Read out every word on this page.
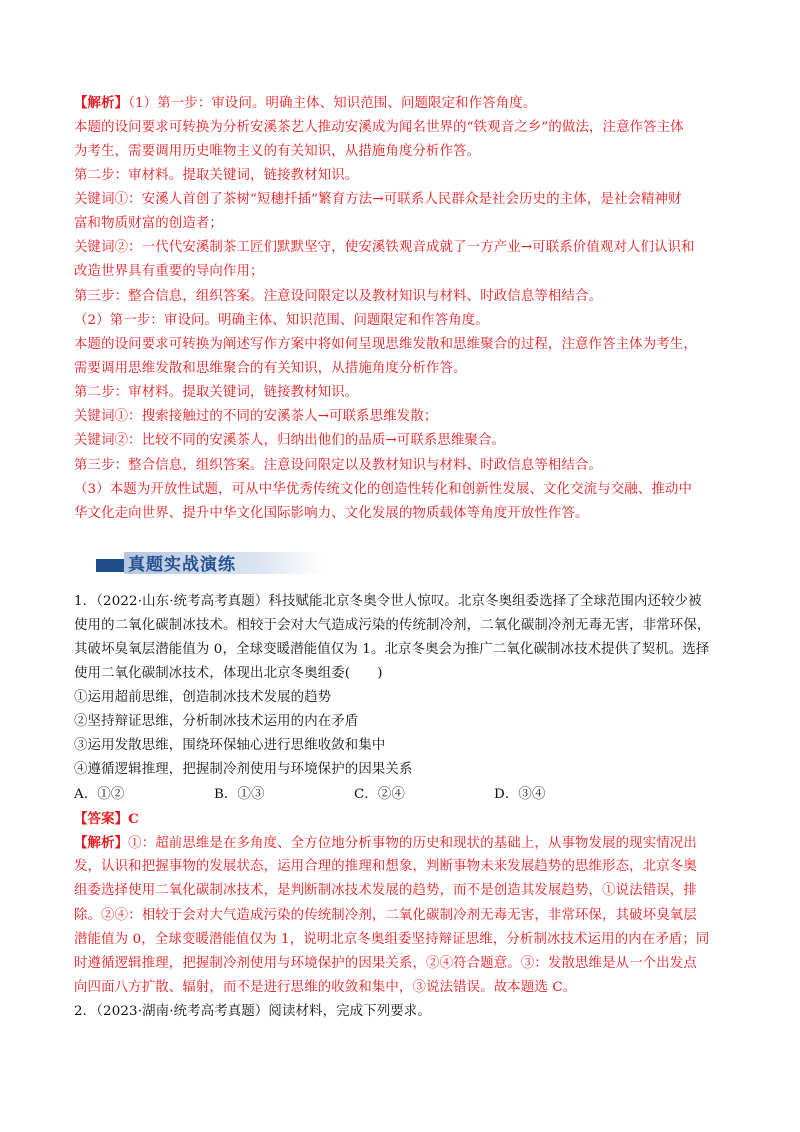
【解析】（1）第一步：审设问。明确主体、知识范围、问题限定和作答角度。
本题的设问要求可转换为分析安溪茶艺人推动安溪成为闻名世界的“铁观音之乡”的做法，注意作答主体
为考生，需要调用历史唯物主义的有关知识，从措施角度分析作答。
第二步：审材料。提取关键词，链接教材知识。
关键词①：安溪人首创了茶树“短穗扦插”繁育方法→可联系人民群众是社会历史的主体，是社会精神财
富和物质财富的创造者；
关键词②：一代代安溪制茶工匠们默默坚守，使安溪铁观音成就了一方产业→可联系价值观对人们认识和
改造世界具有重要的导向作用；
第三步：整合信息，组织答案。注意设问限定以及教材知识与材料、时政信息等相结合。
（2）第一步：审设问。明确主体、知识范围、问题限定和作答角度。
本题的设问要求可转换为阐述写作方案中将如何呈现思维发散和思维聚合的过程，注意作答主体为考生，
需要调用思维发散和思维聚合的有关知识，从措施角度分析作答。
第二步：审材料。提取关键词，链接教材知识。
关键词①：搜索接触过的不同的安溪茶人→可联系思维发散；
关键词②：比较不同的安溪茶人，归纳出他们的品质→可联系思维聚合。
第三步：整合信息，组织答案。注意设问限定以及教材知识与材料、时政信息等相结合。
（3）本题为开放性试题，可从中华优秀传统文化的创造性转化和创新性发展、文化交流与交融、推动中
华文化走向世界、提升中华文化国际影响力、文化发展的物质载体等角度开放性作答。
真题实战演练
1．（2022·山东·统考高考真题）科技赋能北京冬奥令世人惊叹。北京冬奥组委选择了全球范围内还较少被
使用的二氧化碳制冰技术。相较于会对大气造成污染的传统制冷剂，二氧化碳制冷剂无毒无害，非常环保，
其破坏臭氧层潜能值为 0，全球变暖潜能值仅为 1。北京冬奥会为推广二氧化碳制冰技术提供了契机。选择
使用二氧化碳制冰技术，体现出北京冬奥组委(　　)
①运用超前思维，创造制冰技术发展的趋势
②坚持辩证思维，分析制冰技术运用的内在矛盾
③运用发散思维，围绕环保轴心进行思维收敛和集中
④遵循逻辑推理，把握制冷剂使用与环境保护的因果关系
A．①②	B．①③	C．②④	D．③④
【答案】C
【解析】①：超前思维是在多角度、全方位地分析事物的历史和现状的基础上，从事物发展的现实情况出
发，认识和把握事物的发展状态，运用合理的推理和想象，判断事物未来发展趋势的思维形态，北京冬奥
组委选择使用二氧化碳制冰技术，是判断制冰技术发展的趋势，而不是创造其发展趋势，①说法错误，排
除。②④：相较于会对大气造成污染的传统制冷剂，二氧化碳制冷剂无毒无害，非常环保，其破坏臭氧层
潜能值为 0，全球变暖潜能值仅为 1，说明北京冬奥组委坚持辩证思维，分析制冰技术运用的内在矛盾；同
时遵循逻辑推理，把握制冷剂使用与环境保护的因果关系，②④符合题意。③：发散思维是从一个出发点
向四面八方扩散、辐射，而不是进行思维的收敛和集中，③说法错误。故本题选 C。
2．（2023·湖南·统考高考真题）阅读材料，完成下列要求。
